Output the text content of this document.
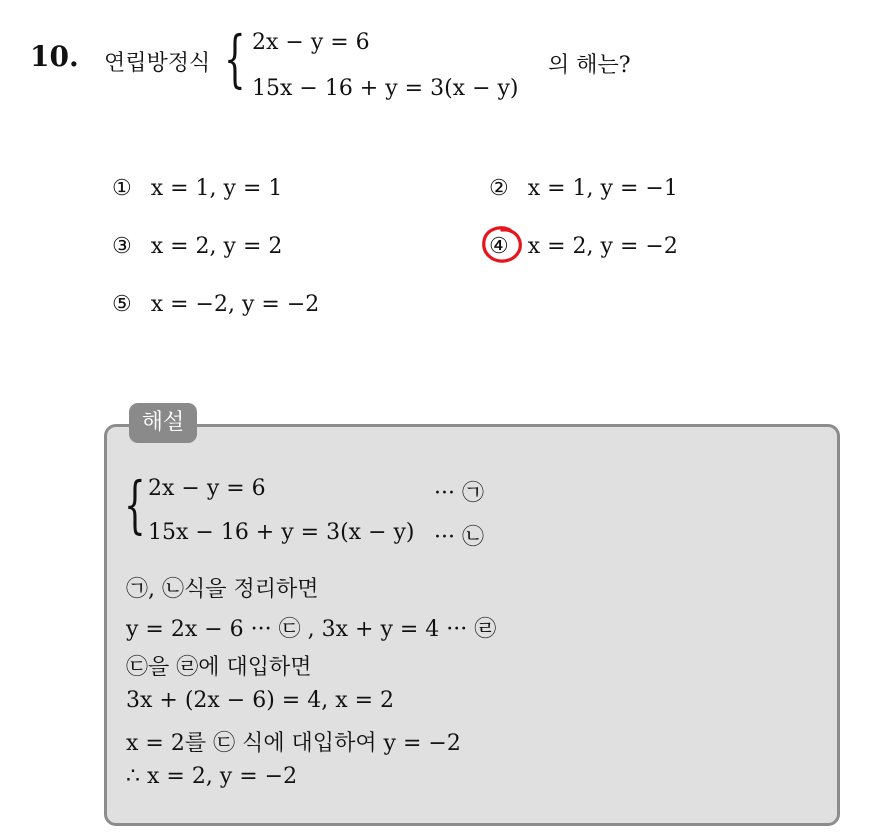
10. 연립방정식 { 2x − y = 6
15x − 16 + y = 3(x − y)
의 해는?
① x = 1, y = 1	② x = 1, y = −1
③ x = 2, y = 2	④ x = 2, y = −2
⑤ x = −2, y = −2
해설
{ 2x − y = 6	··· ㉠
15x − 16 + y = 3(x − y) ··· ㉡
㉠, ㉡식을 정리하면
y = 2x − 6 ··· ㉢ , 3x + y = 4 ··· ㉣
㉢을 ㉣에 대입하면
3x + (2x − 6) = 4, x = 2
x = 2를 ㉢ 식에 대입하여 y = −2
∴ x = 2, y = −2
